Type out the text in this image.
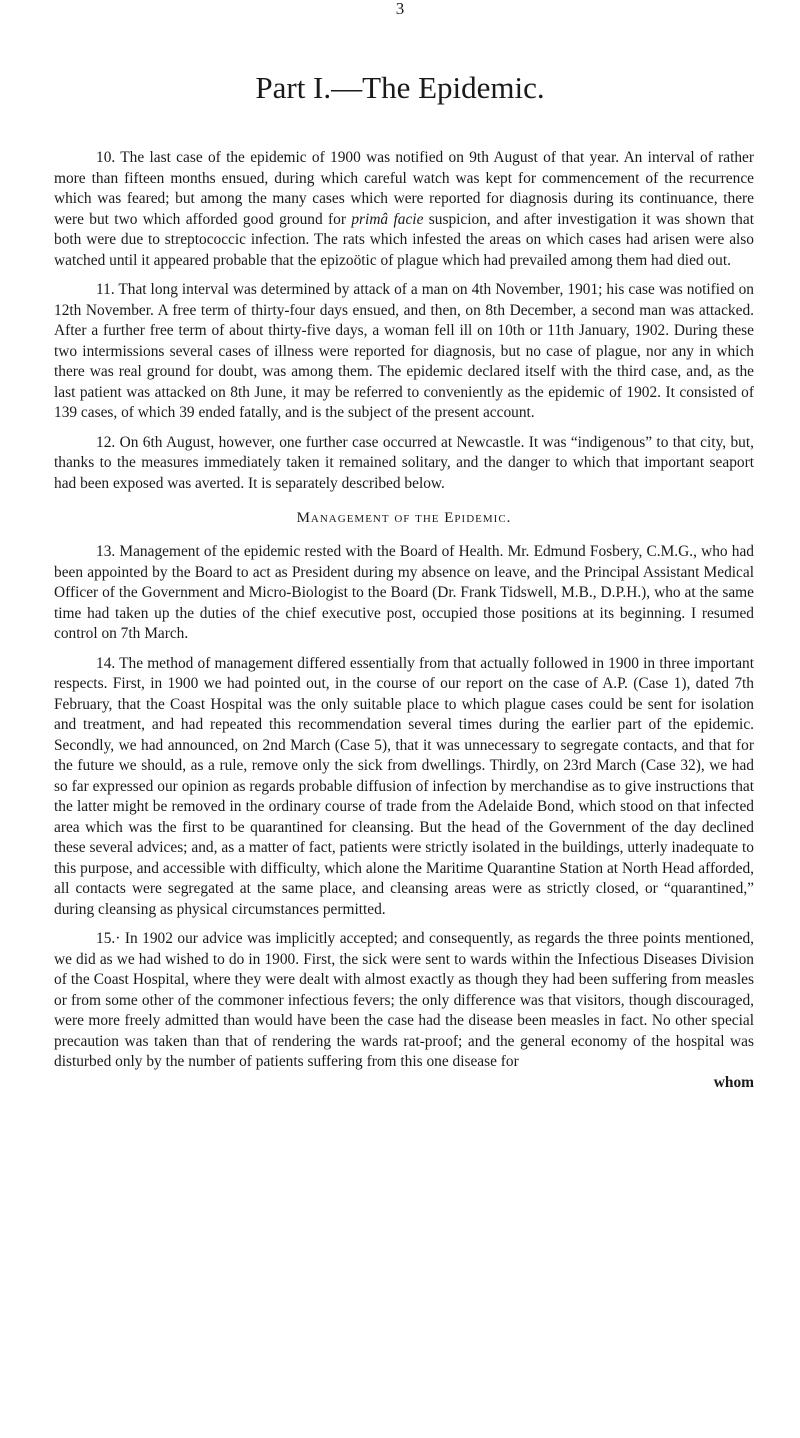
3
Part I.—The Epidemic.

10. The last case of the epidemic of 1900 was notified on 9th August of that year. An interval of rather more than fifteen months ensued, during which careful watch was kept for commencement of the recurrence which was feared; but among the many cases which were reported for diagnosis during its continuance, there were but two which afforded good ground for primâ facie suspicion, and after investigation it was shown that both were due to streptococcic infection. The rats which infested the areas on which cases had arisen were also watched until it appeared probable that the epizoötic of plague which had prevailed among them had died out.

11. That long interval was determined by attack of a man on 4th November, 1901; his case was notified on 12th November. A free term of thirty-four days ensued, and then, on 8th December, a second man was attacked. After a further free term of about thirty-five days, a woman fell ill on 10th or 11th January, 1902. During these two intermissions several cases of illness were reported for diagnosis, but no case of plague, nor any in which there was real ground for doubt, was among them. The epidemic declared itself with the third case, and, as the last patient was attacked on 8th June, it may be referred to conveniently as the epidemic of 1902. It consisted of 139 cases, of which 39 ended fatally, and is the subject of the present account.

12. On 6th August, however, one further case occurred at Newcastle. It was “indigenous” to that city, but, thanks to the measures immediately taken it remained solitary, and the danger to which that important seaport had been exposed was averted. It is separately described below.

Management of the Epidemic.

13. Management of the epidemic rested with the Board of Health. Mr. Edmund Fosbery, C.M.G., who had been appointed by the Board to act as President during my absence on leave, and the Principal Assistant Medical Officer of the Government and Micro-Biologist to the Board (Dr. Frank Tidswell, M.B., D.P.H.), who at the same time had taken up the duties of the chief executive post, occupied those positions at its beginning. I resumed control on 7th March.

14. The method of management differed essentially from that actually followed in 1900 in three important respects. First, in 1900 we had pointed out, in the course of our report on the case of A.P. (Case 1), dated 7th February, that the Coast Hospital was the only suitable place to which plague cases could be sent for isolation and treatment, and had repeated this recommendation several times during the earlier part of the epidemic. Secondly, we had announced, on 2nd March (Case 5), that it was unnecessary to segregate contacts, and that for the future we should, as a rule, remove only the sick from dwellings. Thirdly, on 23rd March (Case 32), we had so far expressed our opinion as regards probable diffusion of infection by merchandise as to give instructions that the latter might be removed in the ordinary course of trade from the Adelaide Bond, which stood on that infected area which was the first to be quarantined for cleansing. But the head of the Government of the day declined these several advices; and, as a matter of fact, patients were strictly isolated in the buildings, utterly inadequate to this purpose, and accessible with difficulty, which alone the Maritime Quarantine Station at North Head afforded, all contacts were segregated at the same place, and cleansing areas were as strictly closed, or “quarantined,” during cleansing as physical circumstances permitted.

15.· In 1902 our advice was implicitly accepted; and consequently, as regards the three points mentioned, we did as we had wished to do in 1900. First, the sick were sent to wards within the Infectious Diseases Division of the Coast Hospital, where they were dealt with almost exactly as though they had been suffering from measles or from some other of the commoner infectious fevers; the only difference was that visitors, though discouraged, were more freely admitted than would have been the case had the disease been measles in fact. No other special precaution was taken than that of rendering the wards rat-proof; and the general economy of the hospital was disturbed only by the number of patients suffering from this one disease for

whom
